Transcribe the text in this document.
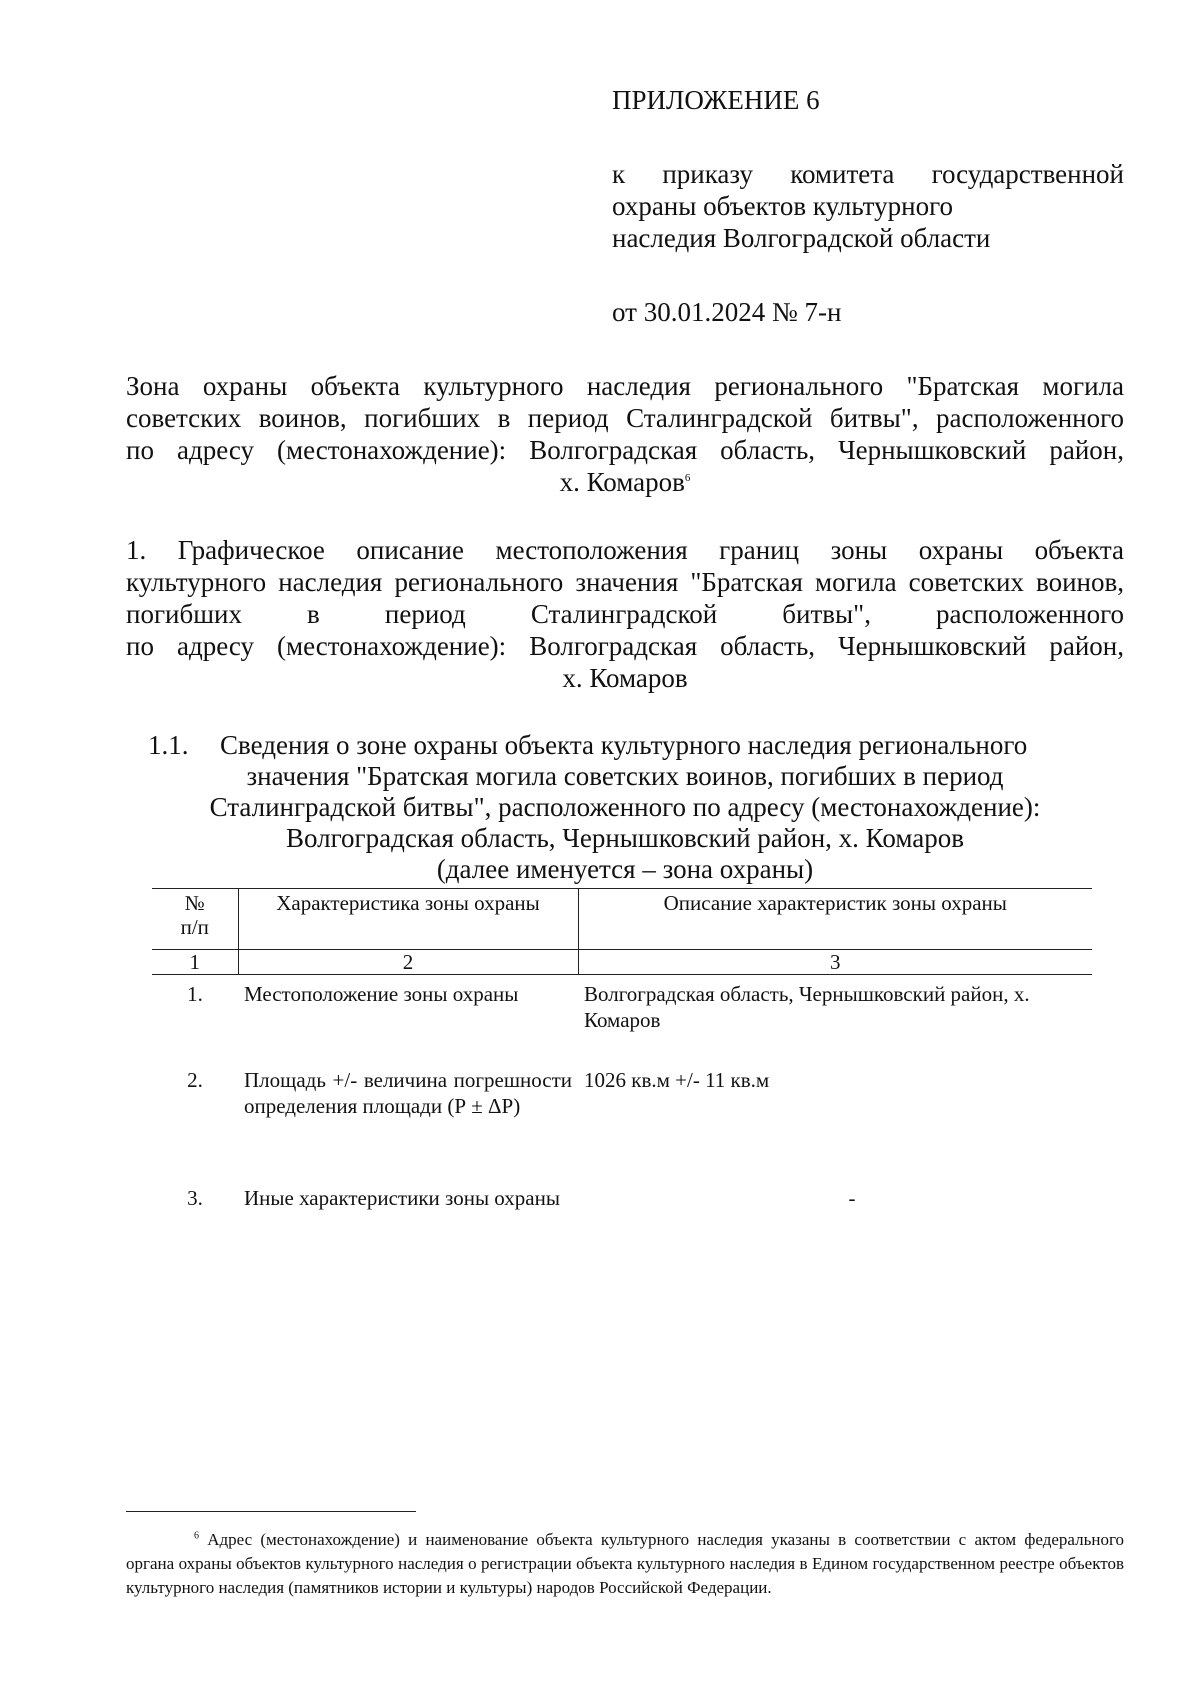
ПРИЛОЖЕНИЕ 6
к приказу комитета государственной
охраны объектов культурного
наследия Волгоградской области
от 30.01.2024 № 7-н
Зона охраны объекта культурного наследия регионального "Братская могила
советских воинов, погибших в период Сталинградской битвы", расположенного
по адресу (местонахождение): Волгоградская область, Чернышковский район,
х. Комаров$^6$
1. Графическое описание местоположения границ зоны охраны объекта
культурного наследия регионального значения "Братская могила советских воинов,
погибших в период Сталинградской битвы", расположенного
по адресу (местонахождение): Волгоградская область, Чернышковский район,
х. Комаров
1.1. Сведения о зоне охраны объекта культурного наследия регионального
значения "Братская могила советских воинов, погибших в период
Сталинградской битвы", расположенного по адресу (местонахождение):
Волгоградская область, Чернышковский район, х. Комаров
(далее именуется – зона охраны)
№ п/п	Характеристика зоны охраны	Описание характеристик зоны охраны
1	2	3
1.	Местоположение зоны охраны	Волгоградская область, Чернышковский район, х. Комаров
2.	Площадь +/- величина погрешности определения площади (Р ± ΔР)	1026 кв.м +/- 11 кв.м
3.	Иные характеристики зоны охраны	-
$^6$ Адрес (местонахождение) и наименование объекта культурного наследия указаны в соответствии с актом федерального органа охраны объектов культурного наследия о регистрации объекта культурного наследия в Едином государственном реестре объектов культурного наследия (памятников истории и культуры) народов Российской Федерации.
